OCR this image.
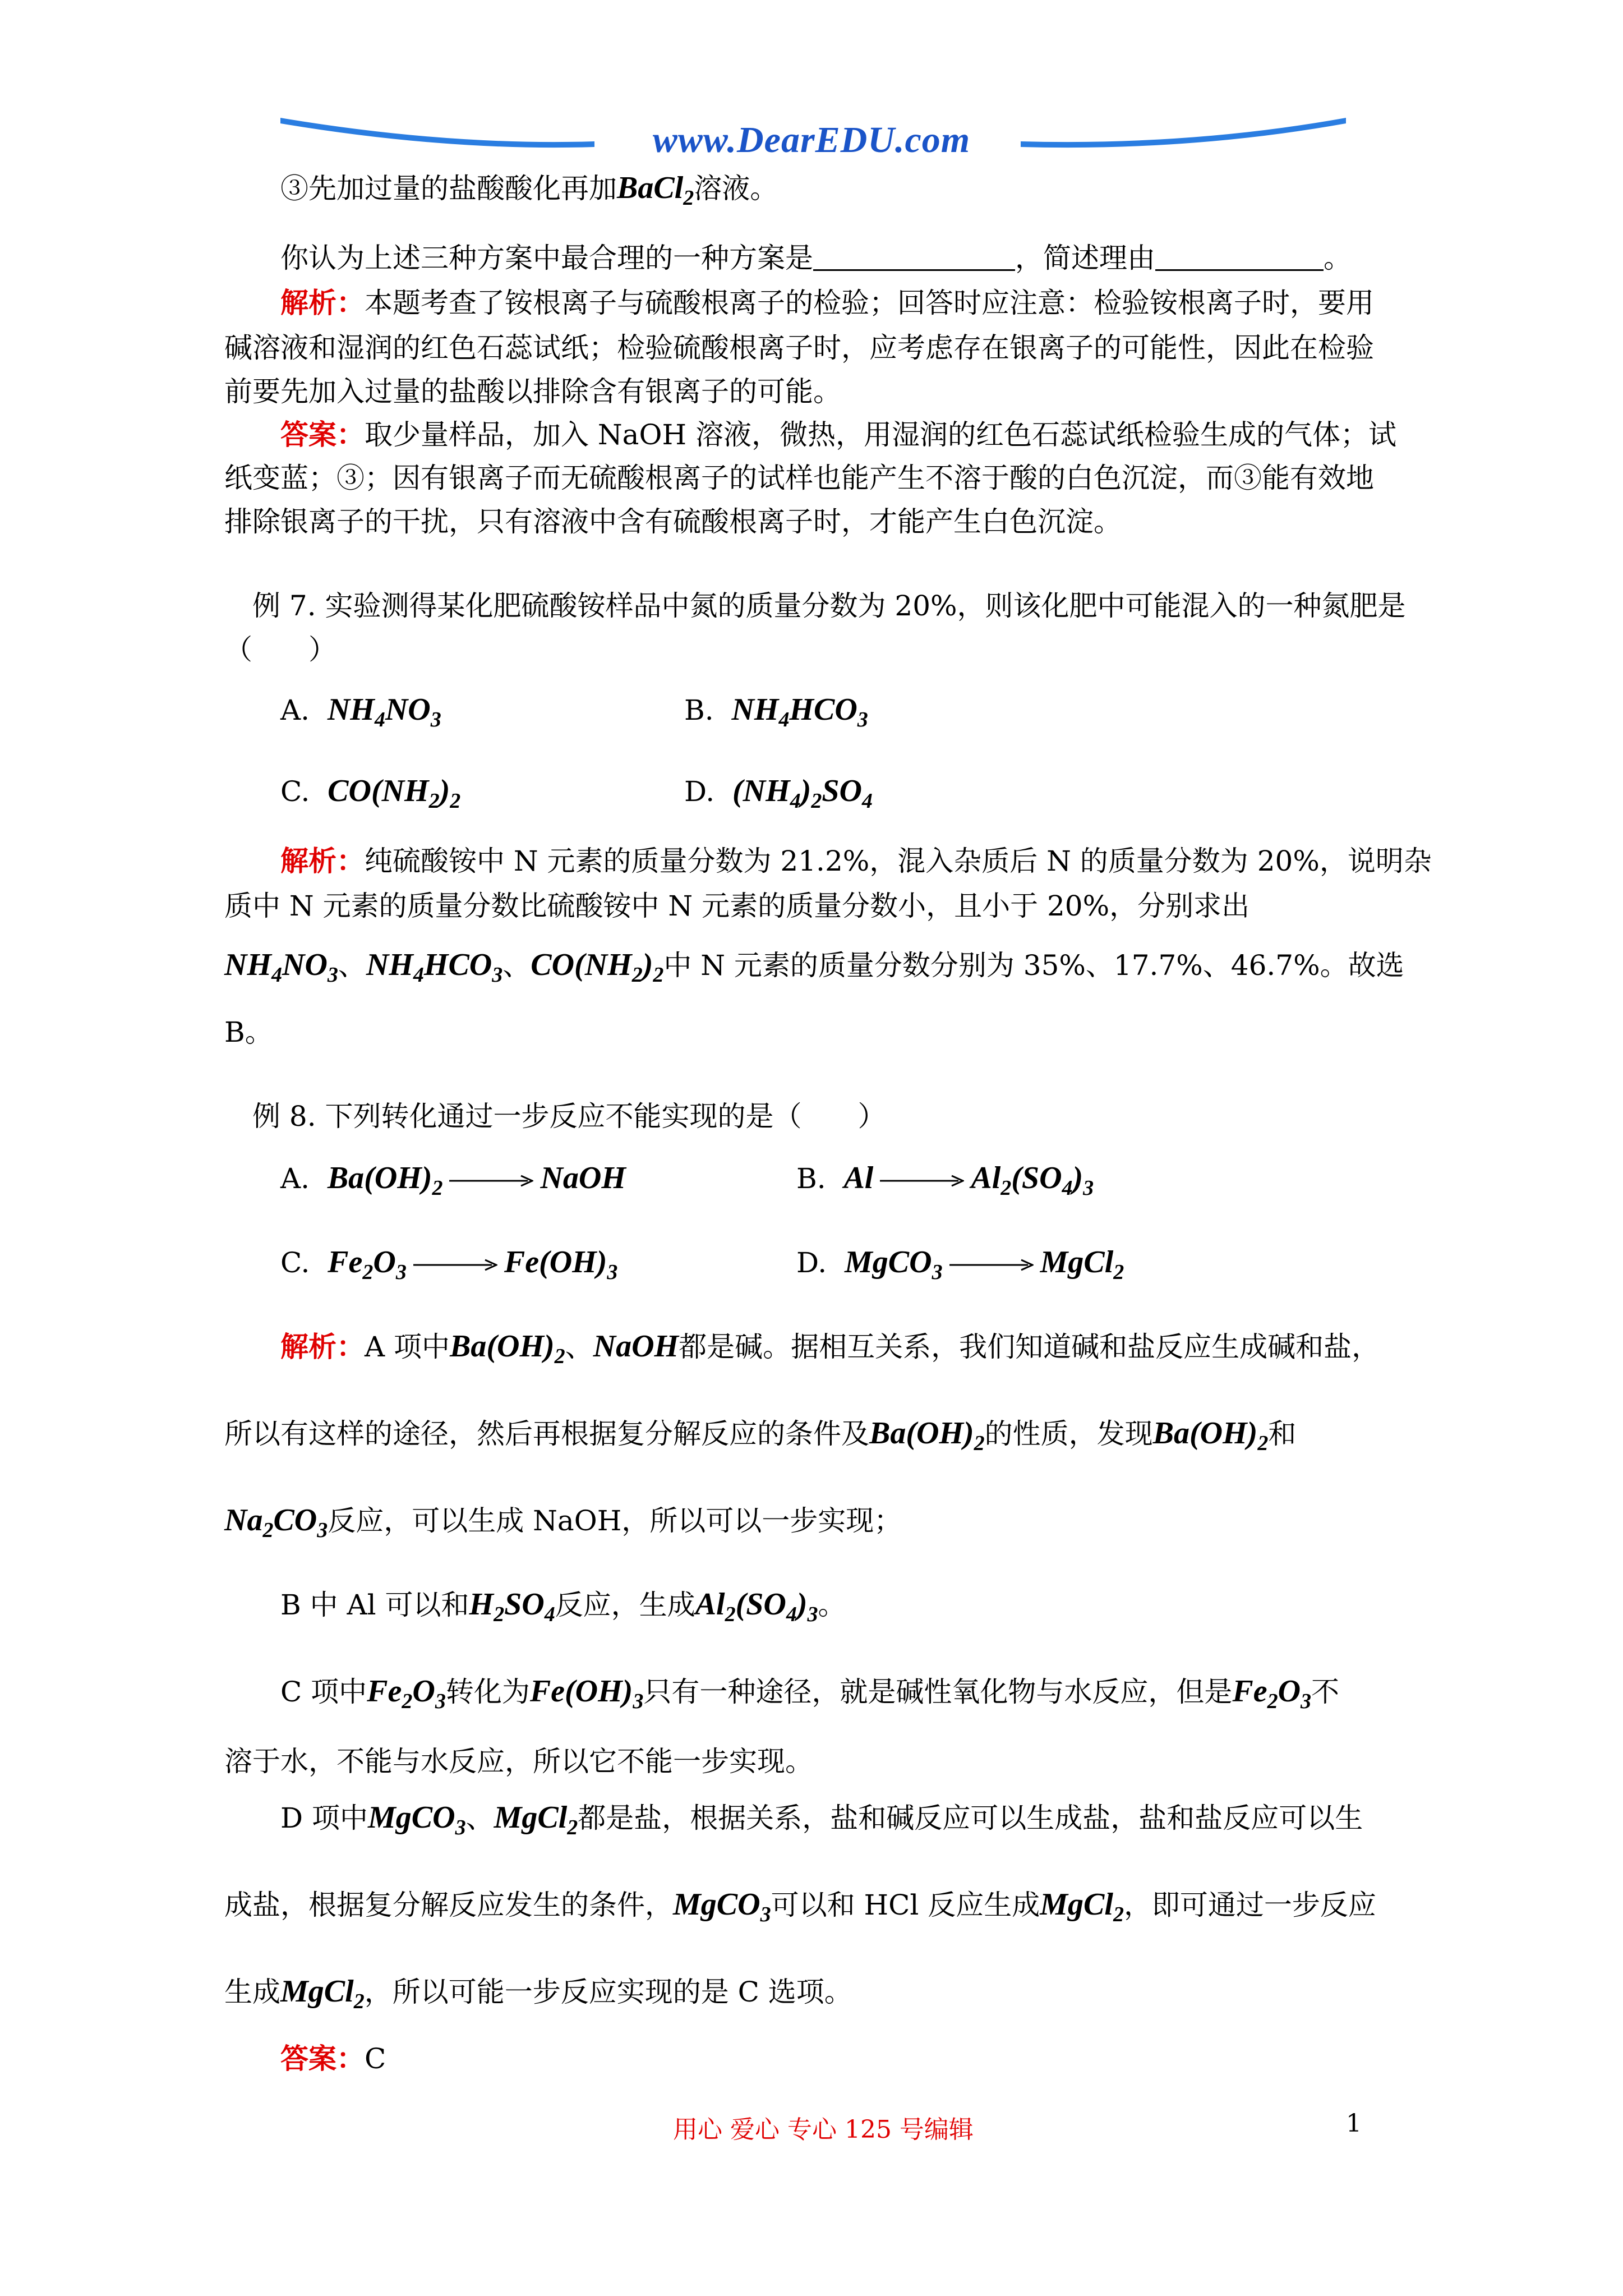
www.DearEDU.com
③先加过量的盐酸酸化再加BaCl$_2$溶液。
你认为上述三种方案中最合理的一种方案是	，简述理由	。
解析：本题考查了铵根离子与硫酸根离子的检验；回答时应注意：检验铵根离子时，要用
碱溶液和湿润的红色石蕊试纸；检验硫酸根离子时，应考虑存在银离子的可能性，因此在检验
前要先加入过量的盐酸以排除含有银离子的可能。
答案：取少量样品，加入 NaOH 溶液，微热，用湿润的红色石蕊试纸检验生成的气体；试
纸变蓝；③；因有银离子而无硫酸根离子的试样也能产生不溶于酸的白色沉淀，而③能有效地
排除银离子的干扰，只有溶液中含有硫酸根离子时，才能产生白色沉淀。
例 7. 实验测得某化肥硫酸铵样品中氮的质量分数为 20%，则该化肥中可能混入的一种氮肥是
（　　）
A. $NH_4NO_3$	B. $NH_4HCO_3$
C. $CO(NH_2)_2$	D. $(NH_4)_2SO_4$
解析：纯硫酸铵中 N 元素的质量分数为 21.2%，混入杂质后 N 的质量分数为 20%，说明杂
质中 N 元素的质量分数比硫酸铵中 N 元素的质量分数小，且小于 20%，分别求出
$NH_4NO_3$、$NH_4HCO_3$、$CO(NH_2)_2$中 N 元素的质量分数分别为 35%、17.7%、46.7%。故选
B。
例 8. 下列转化通过一步反应不能实现的是（　　）
A. $Ba(OH)_2$	NaOH	B. Al	$Al_2(SO_4)_3$
C. $Fe_2O_3$	$Fe(OH)_3$	D. MgCO$_3$	MgCl$_2$
解析：A 项中$Ba(OH)_2$、NaOH都是碱。据相互关系，我们知道碱和盐反应生成碱和盐，
所以有这样的途径，然后再根据复分解反应的条件及$Ba(OH)_2$的性质，发现$Ba(OH)_2$和
$Na_2CO_3$反应，可以生成 NaOH，所以可以一步实现；
B 中 Al 可以和$H_2SO_4$反应，生成$Al_2(SO_4)_3$。
C 项中$Fe_2O_3$转化为$Fe(OH)_3$只有一种途径，就是碱性氧化物与水反应，但是$Fe_2O_3$不
溶于水，不能与水反应，所以它不能一步实现。
D 项中MgCO$_3$、MgCl$_2$都是盐，根据关系，盐和碱反应可以生成盐，盐和盐反应可以生
成盐，根据复分解反应发生的条件，MgCO$_3$可以和 HCl 反应生成MgCl$_2$，即可通过一步反应
生成MgCl$_2$，所以可能一步反应实现的是 C 选项。
答案：C
用心 爱心 专心 125 号编辑	1
